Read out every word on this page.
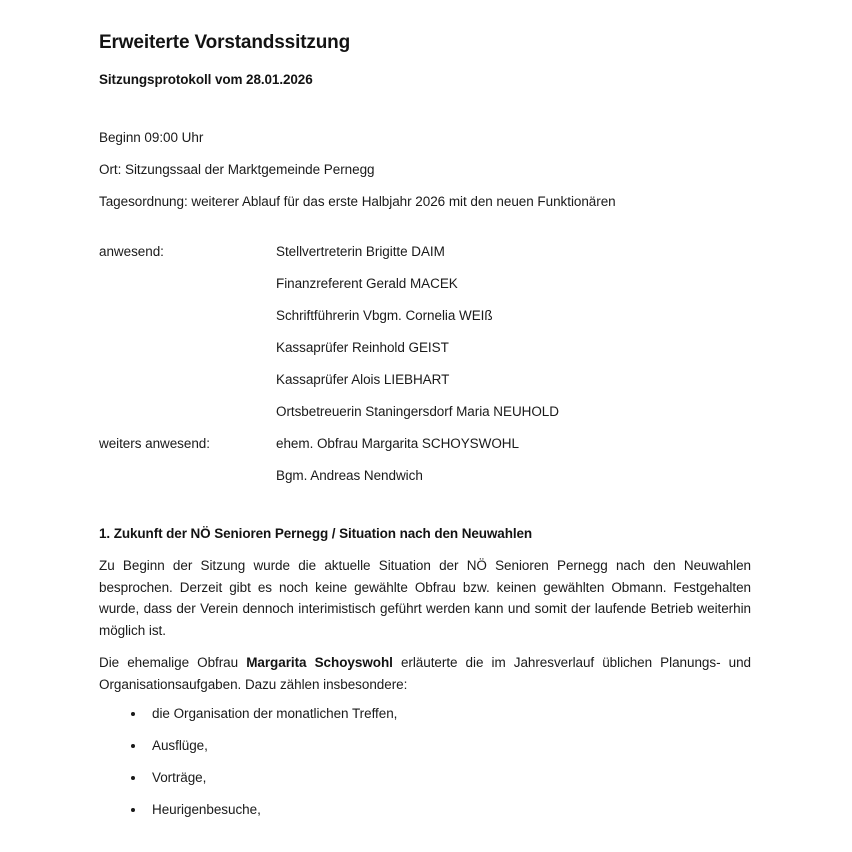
Erweiterte Vorstandssitzung
Sitzungsprotokoll vom 28.01.2026

Beginn 09:00 Uhr

Ort: Sitzungssaal der Marktgemeinde Pernegg

Tagesordnung: weiterer Ablauf für das erste Halbjahr 2026 mit den neuen Funktionären

anwesend:	Stellvertreterin Brigitte DAIM
Finanzreferent Gerald MACEK
Schriftführerin Vbgm. Cornelia WEIß
Kassaprüfer Reinhold GEIST
Kassaprüfer Alois LIEBHART
Ortsbetreuerin Staningersdorf Maria NEUHOLD
weiters anwesend:	ehem. Obfrau Margarita SCHOYSWOHL
Bgm. Andreas Nendwich
1. Zukunft der NÖ Senioren Pernegg / Situation nach den Neuwahlen

Zu Beginn der Sitzung wurde die aktuelle Situation der NÖ Senioren Pernegg nach den Neuwahlen besprochen. Derzeit gibt es noch keine gewählte Obfrau bzw. keinen gewählten Obmann. Festgehalten wurde, dass der Verein dennoch interimistisch geführt werden kann und somit der laufende Betrieb weiterhin möglich ist.

Die ehemalige Obfrau Margarita Schoyswohl erläuterte die im Jahresverlauf üblichen Planungs- und Organisationsaufgaben. Dazu zählen insbesondere:

die Organisation der monatlichen Treffen,
Ausflüge,
Vorträge,
Heurigenbesuche,
